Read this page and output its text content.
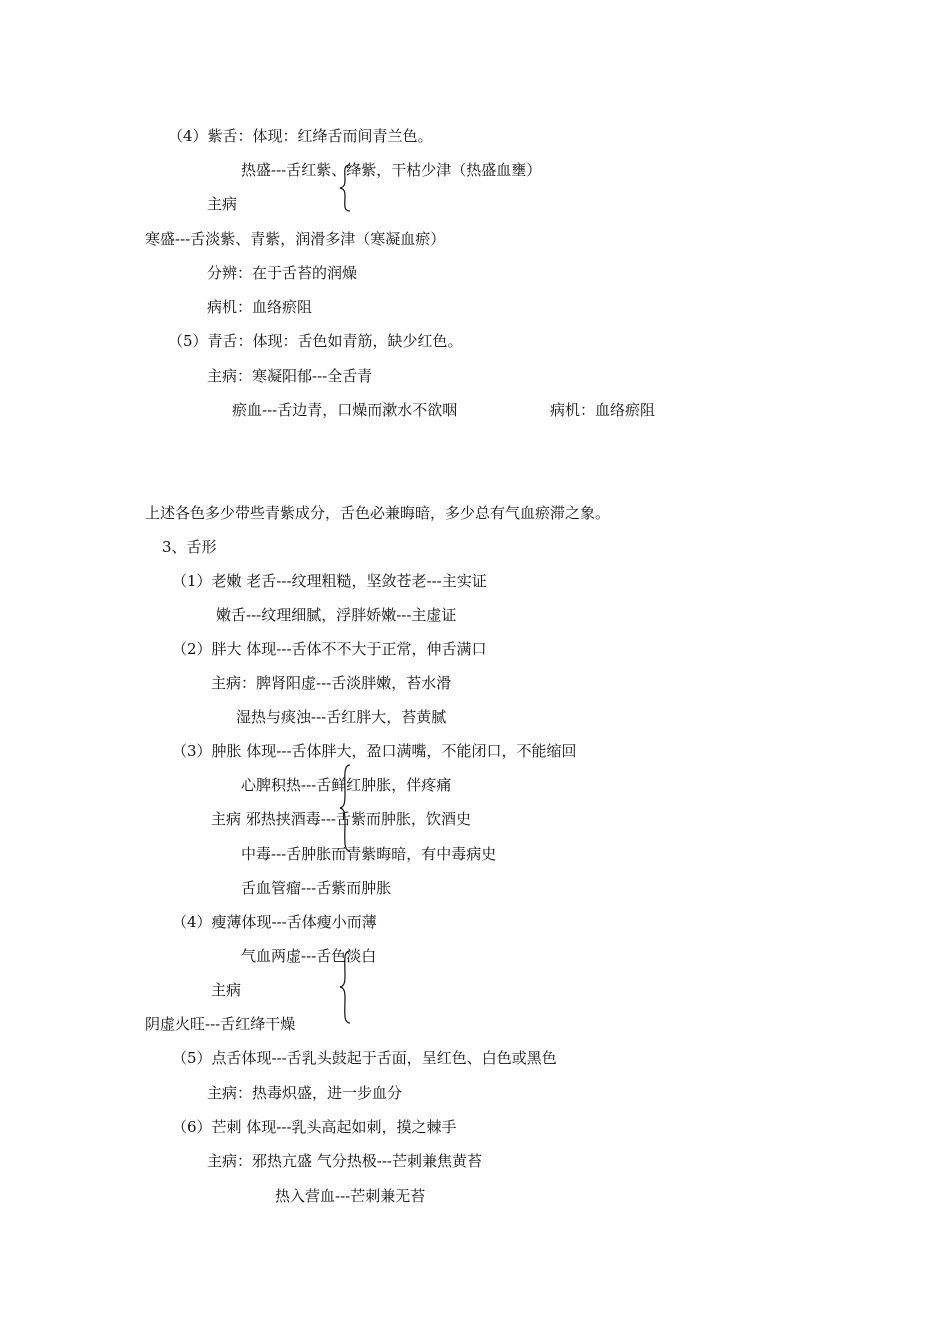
（4）紫舌：体现：红绛舌而间青兰色。
热盛---舌红紫、绛紫，干枯少津（热盛血壅）
主病
寒盛---舌淡紫、青紫，润滑多津（寒凝血瘀）
分辨：在于舌苔的润燥
病机：血络瘀阻
（5）青舌：体现：舌色如青筋，缺少红色。
主病：寒凝阳郁---全舌青
瘀血---舌边青，口燥而漱水不欲咽	病机：血络瘀阻
上述各色多少带些青紫成分，舌色必兼晦暗，多少总有气血瘀滞之象。
3、舌形
（1）老嫩 老舌---纹理粗糙，坚敛苍老---主实证
嫩舌---纹理细腻，浮胖娇嫩---主虚证
（2）胖大 体现---舌体不不大于正常，伸舌满口
主病：脾肾阳虚---舌淡胖嫩，苔水滑
湿热与痰浊---舌红胖大，苔黄腻
（3）肿胀 体现---舌体胖大，盈口满嘴，不能闭口，不能缩回
心脾积热---舌鲜红肿胀，伴疼痛
主病 邪热挟酒毒---舌紫而肿胀，饮酒史
中毒---舌肿胀而青紫晦暗，有中毒病史
舌血管瘤---舌紫而肿胀
（4）瘦薄体现---舌体瘦小而薄
气血两虚---舌色淡白
主病
阴虚火旺---舌红绛干燥
（5）点舌体现---舌乳头鼓起于舌面，呈红色、白色或黑色
主病：热毒炽盛，进一步血分
（6）芒刺 体现---乳头高起如刺，摸之棘手
主病：邪热亢盛 气分热极---芒刺兼焦黄苔
热入营血---芒刺兼无苔
